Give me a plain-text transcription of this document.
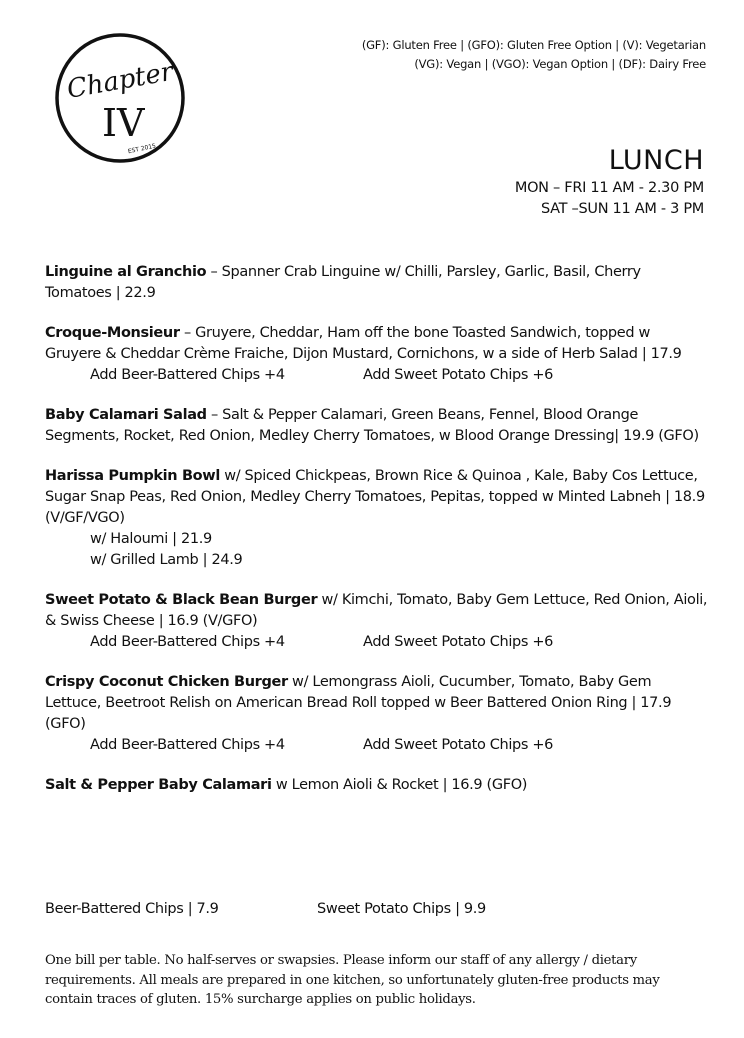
Chapter
IV
EST 2015
(GF): Gluten Free | (GFO): Gluten Free Option | (V): Vegetarian
(VG): Vegan | (VGO): Vegan Option | (DF): Dairy Free
LUNCH
MON – FRI 11 AM - 2.30 PM
SAT –SUN 11 AM - 3 PM
Linguine al Granchio – Spanner Crab Linguine w/ Chilli, Parsley, Garlic, Basil, Cherry Tomatoes | 22.9
Croque-Monsieur – Gruyere, Cheddar, Ham off the bone Toasted Sandwich, topped w Gruyere & Cheddar Crème Fraiche, Dijon Mustard, Cornichons, w a side of Herb Salad | 17.9
Add Beer-Battered Chips +4	Add Sweet Potato Chips +6
Baby Calamari Salad – Salt & Pepper Calamari, Green Beans, Fennel, Blood Orange Segments, Rocket, Red Onion, Medley Cherry Tomatoes, w Blood Orange Dressing| 19.9 (GFO)
Harissa Pumpkin Bowl w/ Spiced Chickpeas, Brown Rice & Quinoa , Kale, Baby Cos Lettuce, Sugar Snap Peas, Red Onion, Medley Cherry Tomatoes, Pepitas, topped w Minted Labneh | 18.9 (V/GF/VGO)
w/ Haloumi | 21.9
w/ Grilled Lamb | 24.9
Sweet Potato & Black Bean Burger w/ Kimchi, Tomato, Baby Gem Lettuce, Red Onion, Aioli, & Swiss Cheese | 16.9 (V/GFO)
Add Beer-Battered Chips +4	Add Sweet Potato Chips +6
Crispy Coconut Chicken Burger w/ Lemongrass Aioli, Cucumber, Tomato, Baby Gem Lettuce, Beetroot Relish on American Bread Roll topped w Beer Battered Onion Ring | 17.9 (GFO)
Add Beer-Battered Chips +4	Add Sweet Potato Chips +6
Salt & Pepper Baby Calamari w Lemon Aioli & Rocket | 16.9 (GFO)
Beer-Battered Chips | 7.9	Sweet Potato Chips | 9.9
One bill per table. No half-serves or swapsies. Please inform our staff of any allergy / dietary requirements. All meals are prepared in one kitchen, so unfortunately gluten-free products may contain traces of gluten. 15% surcharge applies on public holidays.
